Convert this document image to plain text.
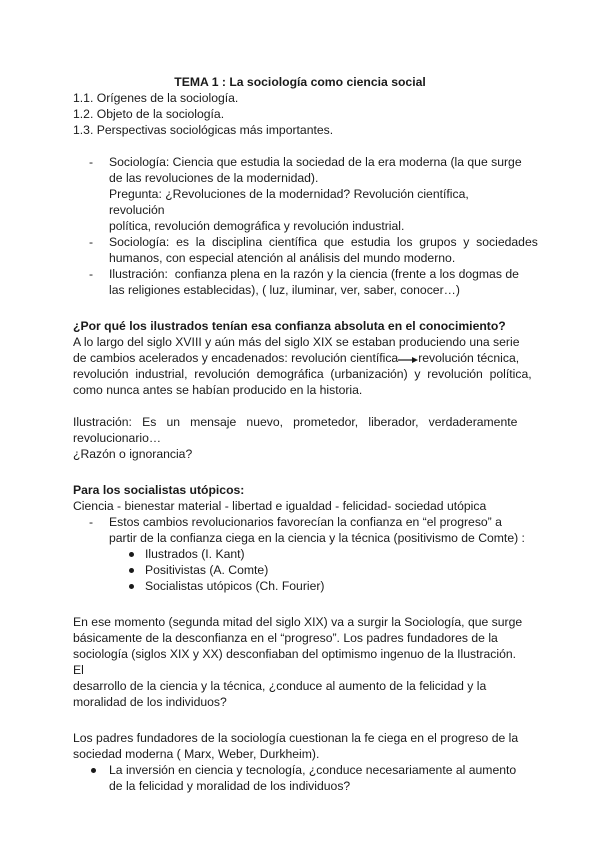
TEMA 1 : La sociología como ciencia social
1.1. Orígenes de la sociología.
1.2. Objeto de la sociología.
1.3. Perspectivas sociológicas más importantes.
- Sociología: Ciencia que estudia la sociedad de la era moderna (la que surge
de las revoluciones de la modernidad).
Pregunta: ¿Revoluciones de la modernidad? Revolución científica, revolución
política, revolución demográfica y revolución industrial.
- Sociología:  es  la  disciplina  científica  que  estudia  los  grupos  y  sociedades
humanos, con especial atención al análisis del mundo moderno.
- Ilustración:  confianza plena en la razón y la ciencia (frente a los dogmas de
las religiones establecidas), ( luz, iluminar, ver, saber, conocer…)
¿Por qué los ilustrados tenían esa confianza absoluta en el conocimiento?
A lo largo del siglo XVIII y aún más del siglo XIX se estaban produciendo una serie
de cambios acelerados y encadenados: revolución científica revolución técnica,
revolución  industrial,  revolución  demográfica  (urbanización)  y  revolución  política,
como nunca antes se habían producido en la historia.
Ilustración:   Es   un   mensaje   nuevo,   prometedor,   liberador,   verdaderamente
revolucionario…
¿Razón o ignorancia?
Para los socialistas utópicos:
Ciencia - bienestar material - libertad e igualdad - felicidad- sociedad utópica
- Estos cambios revolucionarios favorecían la confianza en “el progreso” a
partir de la confianza ciega en la ciencia y la técnica (positivismo de Comte) :
Ilustrados (I. Kant)
Positivistas (A. Comte)
Socialistas utópicos (Ch. Fourier)
En ese momento (segunda mitad del siglo XIX) va a surgir la Sociología, que surge
básicamente de la desconfianza en el “progreso”. Los padres fundadores de la
sociología (siglos XIX y XX) desconfiaban del optimismo ingenuo de la Ilustración. El
desarrollo de la ciencia y la técnica, ¿conduce al aumento de la felicidad y la
moralidad de los individuos?
Los padres fundadores de la sociología cuestionan la fe ciega en el progreso de la
sociedad moderna ( Marx, Weber, Durkheim).
La inversión en ciencia y tecnología, ¿conduce necesariamente al aumento
de la felicidad y moralidad de los individuos?
